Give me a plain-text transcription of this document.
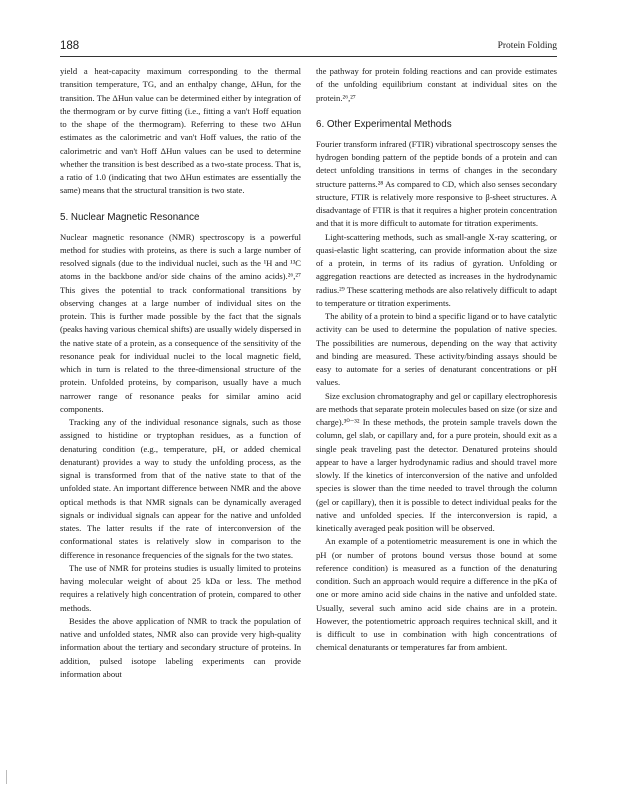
188	Protein Folding

yield a heat-capacity maximum corresponding to the thermal transition temperature, TG, and an enthalpy change, ΔHun, for the transition. The ΔHun value can be determined either by integration of the thermogram or by curve fitting (i.e., fitting a van't Hoff equation to the shape of the thermogram). Referring to these two ΔHun estimates as the calorimetric and van't Hoff values, the ratio of the calorimetric and van't Hoff ΔHun values can be used to determine whether the transition is best described as a two-state process. That is, a ratio of 1.0 (indicating that two ΔHun estimates are essentially the same) means that the structural transition is two state.

5. Nuclear Magnetic Resonance

Nuclear magnetic resonance (NMR) spectroscopy is a powerful method for studies with proteins, as there is such a large number of resolved signals (due to the individual nuclei, such as the ¹H and ¹³C atoms in the backbone and/or side chains of the amino acids).²⁶,²⁷ This gives the potential to track conformational transitions by observing changes at a large number of individual sites on the protein. This is further made possible by the fact that the signals (peaks having various chemical shifts) are usually widely dispersed in the native state of a protein, as a consequence of the sensitivity of the resonance peak for individual nuclei to the local magnetic field, which in turn is related to the three-dimensional structure of the protein. Unfolded proteins, by comparison, usually have a much narrower range of resonance peaks for similar amino acid components.

Tracking any of the individual resonance signals, such as those assigned to histidine or tryptophan residues, as a function of denaturing condition (e.g., temperature, pH, or added chemical denaturant) provides a way to study the unfolding process, as the signal is transformed from that of the native state to that of the unfolded state. An important difference between NMR and the above optical methods is that NMR signals can be dynamically averaged signals or individual signals can appear for the native and unfolded states. The latter results if the rate of interconversion of the conformational states is relatively slow in comparison to the difference in resonance frequencies of the signals for the two states.

The use of NMR for proteins studies is usually limited to proteins having molecular weight of about 25 kDa or less. The method requires a relatively high concentration of protein, compared to other methods.

Besides the above application of NMR to track the population of native and unfolded states, NMR also can provide very high-quality information about the tertiary and secondary structure of proteins. In addition, pulsed isotope labeling experiments can provide information about

the pathway for protein folding reactions and can provide estimates of the unfolding equilibrium constant at individual sites on the protein.²⁶,²⁷

6. Other Experimental Methods

Fourier transform infrared (FTIR) vibrational spectroscopy senses the hydrogen bonding pattern of the peptide bonds of a protein and can detect unfolding transitions in terms of changes in the secondary structure patterns.²⁸ As compared to CD, which also senses secondary structure, FTIR is relatively more responsive to β-sheet structures. A disadvantage of FTIR is that it requires a higher protein concentration and that it is more difficult to automate for titration experiments.

Light-scattering methods, such as small-angle X-ray scattering, or quasi-elastic light scattering, can provide information about the size of a protein, in terms of its radius of gyration. Unfolding or aggregation reactions are detected as increases in the hydrodynamic radius.²⁹ These scattering methods are also relatively difficult to adapt to temperature or titration experiments.

The ability of a protein to bind a specific ligand or to have catalytic activity can be used to determine the population of native species. The possibilities are numerous, depending on the way that activity and binding are measured. These activity/binding assays should be easy to automate for a series of denaturant concentrations or pH values.

Size exclusion chromatography and gel or capillary electrophoresis are methods that separate protein molecules based on size (or size and charge).³⁰⁻³² In these methods, the protein sample travels down the column, gel slab, or capillary and, for a pure protein, should exit as a single peak traveling past the detector. Denatured proteins should appear to have a larger hydrodynamic radius and should travel more slowly. If the kinetics of interconversion of the native and unfolded species is slower than the time needed to travel through the column (gel or capillary), then it is possible to detect individual peaks for the native and unfolded species. If the interconversion is rapid, a kinetically averaged peak position will be observed.

An example of a potentiometric measurement is one in which the pH (or number of protons bound versus those bound at some reference condition) is measured as a function of the denaturing condition. Such an approach would require a difference in the pKa of one or more amino acid side chains in the native and unfolded state. Usually, several such amino acid side chains are in a protein. However, the potentiometric approach requires technical skill, and it is difficult to use in combination with high concentrations of chemical denaturants or temperatures far from ambient.
